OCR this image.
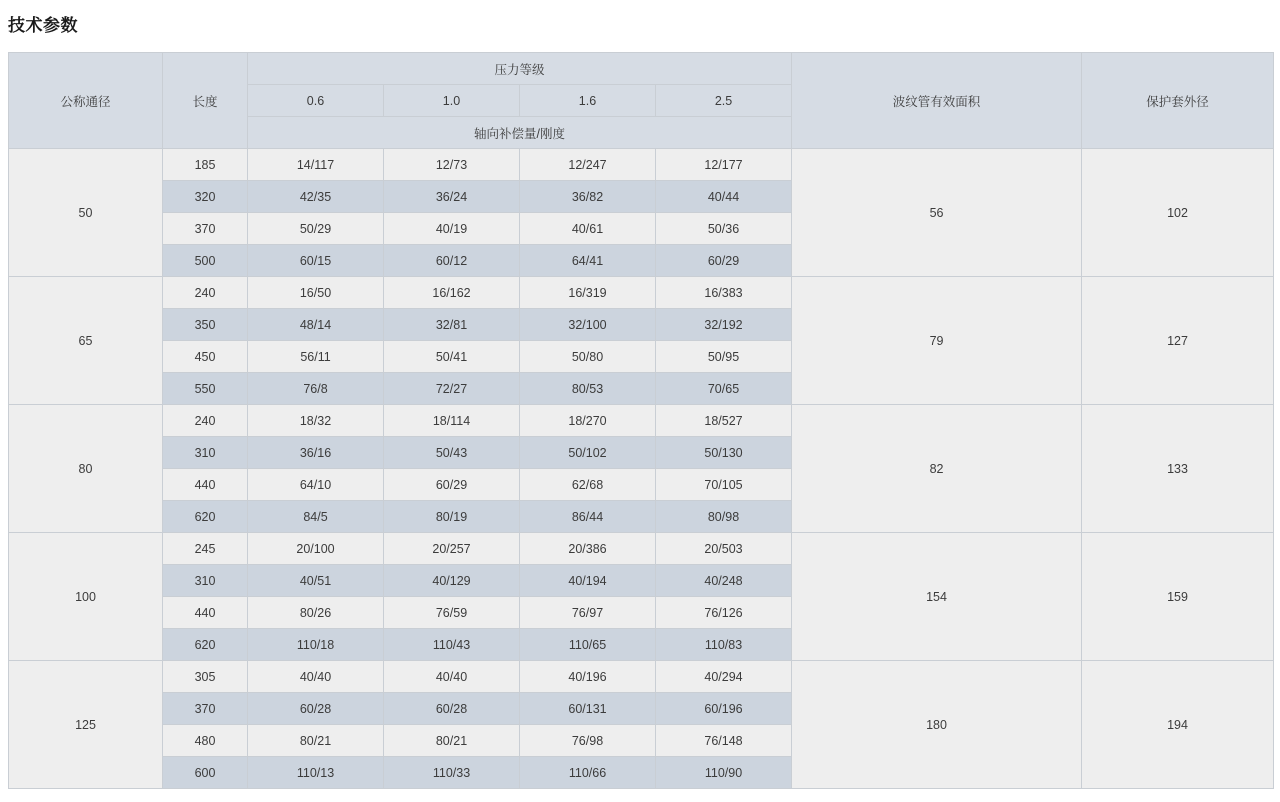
技术参数
公称通径	长度	压力等级				波纹管有效面积	保护套外径
		0.6	1.0	1.6	2.5		
		轴向补偿量/刚度					
50	185	14/117	12/73	12/247	12/177	56	102
	320	42/35	36/24	36/82	40/44		
	370	50/29	40/19	40/61	50/36		
	500	60/15	60/12	64/41	60/29		
65	240	16/50	16/162	16/319	16/383	79	127
	350	48/14	32/81	32/100	32/192		
	450	56/11	50/41	50/80	50/95		
	550	76/8	72/27	80/53	70/65		
80	240	18/32	18/114	18/270	18/527	82	133
	310	36/16	50/43	50/102	50/130		
	440	64/10	60/29	62/68	70/105		
	620	84/5	80/19	86/44	80/98		
100	245	20/100	20/257	20/386	20/503	154	159
	310	40/51	40/129	40/194	40/248		
	440	80/26	76/59	76/97	76/126		
	620	110/18	110/43	110/65	110/83		
125	305	40/40	40/40	40/196	40/294	180	194
	370	60/28	60/28	60/131	60/196		
	480	80/21	80/21	76/98	76/148		
	600	110/13	110/33	110/66	110/90		
